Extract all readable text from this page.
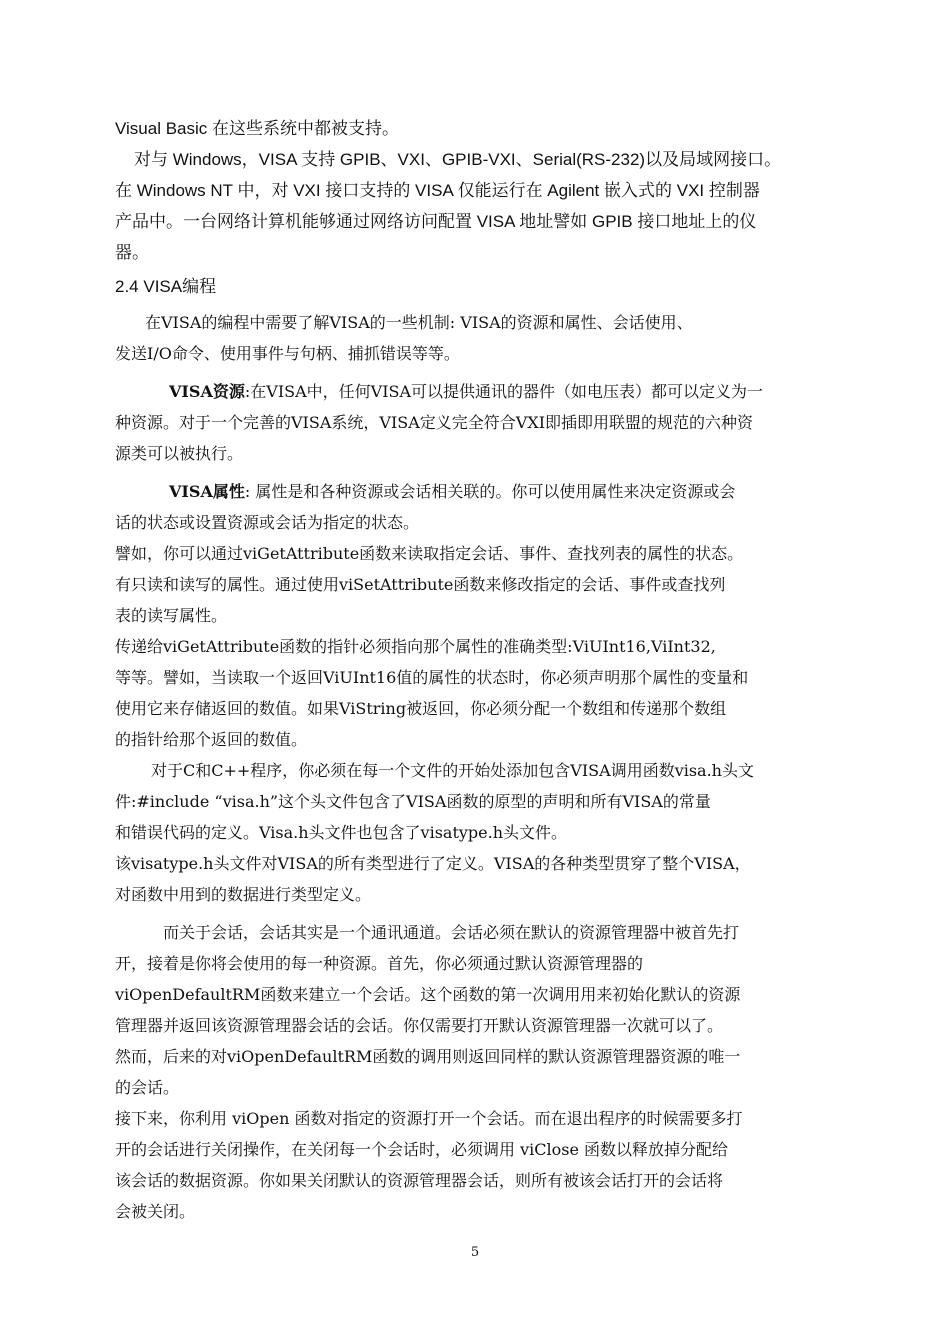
Visual Basic 在这些系统中都被支持。

对与 Windows，VISA 支持 GPIB、VXI、GPIB-VXI、Serial(RS-232)以及局域网接口。

在 Windows NT 中，对 VXI 接口支持的 VISA 仅能运行在 Agilent 嵌入式的 VXI 控制器

产品中。一台网络计算机能够通过网络访问配置 VISA 地址譬如 GPIB 接口地址上的仪

器。

2.4 VISA编程

在VISA的编程中需要了解VISA的一些机制: VISA的资源和属性、会话使用、

发送I/O命令、使用事件与句柄、捕抓错误等等。

VISA资源:在VISA中，任何VISA可以提供通讯的器件（如电压表）都可以定义为一

种资源。对于一个完善的VISA系统，VISA定义完全符合VXI即插即用联盟的规范的六种资

源类可以被执行。

VISA属性: 属性是和各种资源或会话相关联的。你可以使用属性来决定资源或会

话的状态或设置资源或会话为指定的状态。

譬如，你可以通过viGetAttribute函数来读取指定会话、事件、查找列表的属性的状态。

有只读和读写的属性。通过使用viSetAttribute函数来修改指定的会话、事件或查找列

表的读写属性。

传递给viGetAttribute函数的指针必须指向那个属性的准确类型:ViUInt16,ViInt32,

等等。譬如，当读取一个返回ViUInt16值的属性的状态时，你必须声明那个属性的变量和

使用它来存储返回的数值。如果ViString被返回，你必须分配一个数组和传递那个数组

的指针给那个返回的数值。

对于C和C++程序，你必须在每一个文件的开始处添加包含VISA调用函数visa.h头文

件:#include “visa.h”这个头文件包含了VISA函数的原型的声明和所有VISA的常量

和错误代码的定义。Visa.h头文件也包含了visatype.h头文件。

该visatype.h头文件对VISA的所有类型进行了定义。VISA的各种类型贯穿了整个VISA，

对函数中用到的数据进行类型定义。

而关于会话，会话其实是一个通讯通道。会话必须在默认的资源管理器中被首先打

开，接着是你将会使用的每一种资源。首先，你必须通过默认资源管理器的

viOpenDefaultRM函数来建立一个会话。这个函数的第一次调用用来初始化默认的资源

管理器并返回该资源管理器会话的会话。你仅需要打开默认资源管理器一次就可以了。

然而，后来的对viOpenDefaultRM函数的调用则返回同样的默认资源管理器资源的唯一

的会话。

接下来，你利用 viOpen 函数对指定的资源打开一个会话。而在退出程序的时候需要多打

开的会话进行关闭操作，在关闭每一个会话时，必须调用 viClose 函数以释放掉分配给

该会话的数据资源。你如果关闭默认的资源管理器会话，则所有被该会话打开的会话将

会被关闭。

5
